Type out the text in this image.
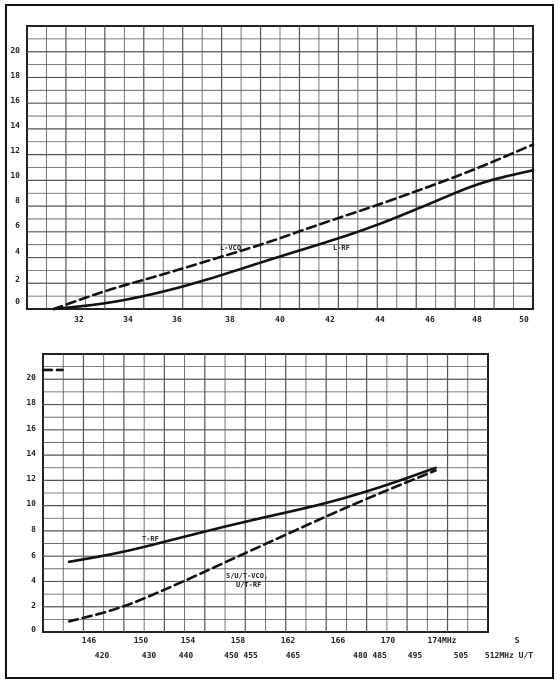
0
2
4
6
8
10
12
14
16
18
20
32	34	36	38	40	42	44	46	48	50
L-VCO	L-RF
0
2
4
6
8
10
12
14
16
18
20
146	150	154	158	162	166	170	174MHz	S
420	430	440	450 455	465	480 485	495	505 512MHz U/T
T-RF
S/U/T-VCO, U/T-RF
